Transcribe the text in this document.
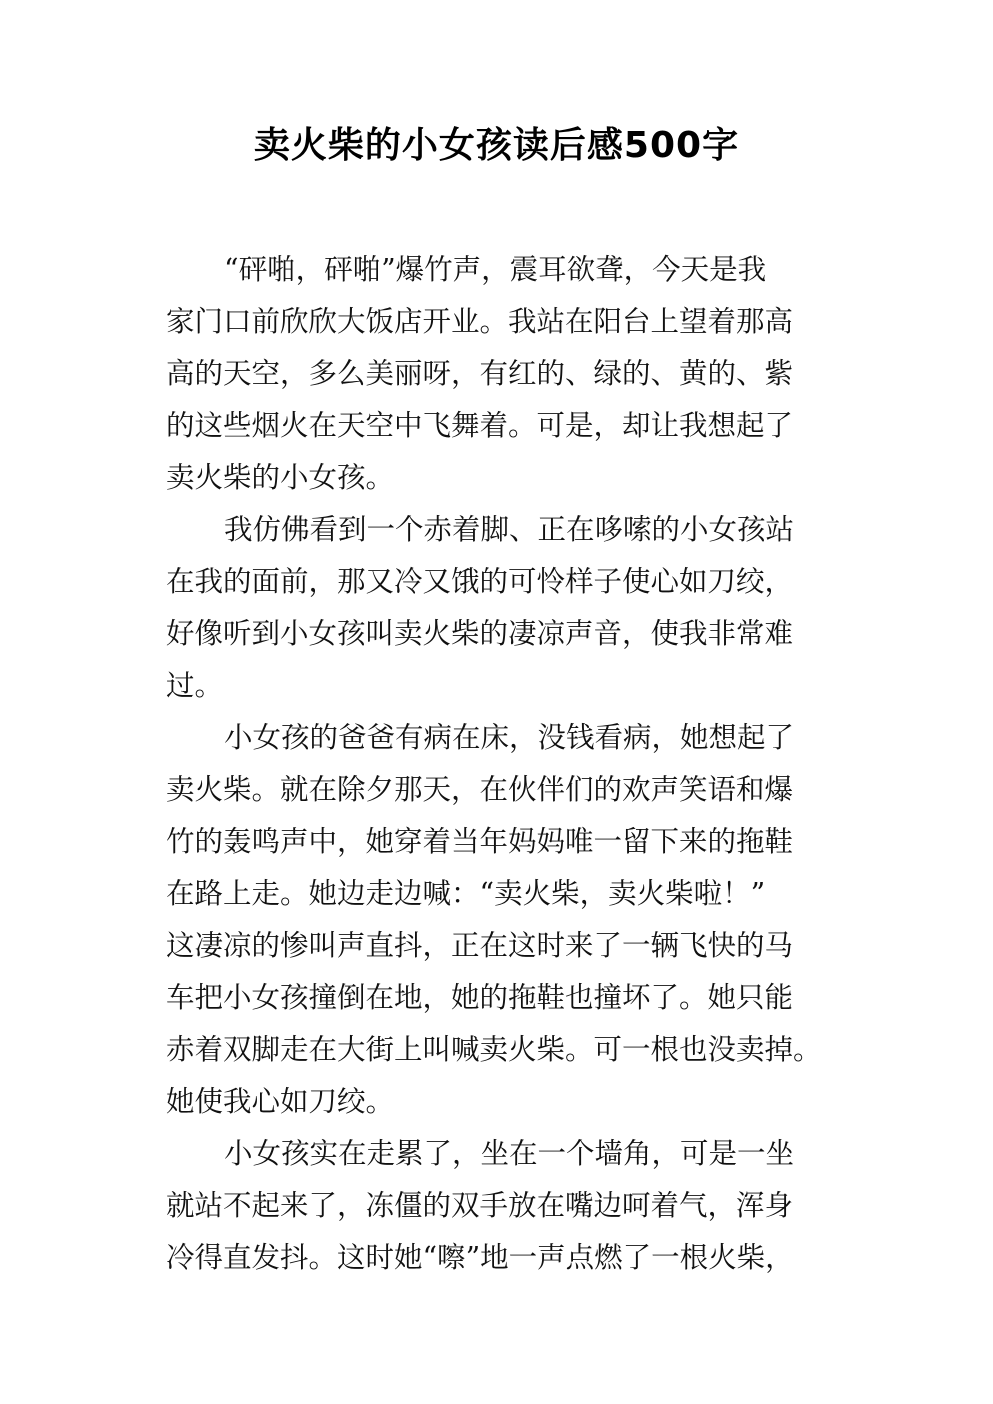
卖火柴的小女孩读后感500字
“砰啪，砰啪”爆竹声，震耳欲聋，今天是我
家门口前欣欣大饭店开业。我站在阳台上望着那高
高的天空，多么美丽呀，有红的、绿的、黄的、紫
的这些烟火在天空中飞舞着。可是，却让我想起了
卖火柴的小女孩。
我仿佛看到一个赤着脚、正在哆嗦的小女孩站
在我的面前，那又冷又饿的可怜样子使心如刀绞，
好像听到小女孩叫卖火柴的凄凉声音，使我非常难
过。
小女孩的爸爸有病在床，没钱看病，她想起了
卖火柴。就在除夕那天，在伙伴们的欢声笑语和爆
竹的轰鸣声中，她穿着当年妈妈唯一留下来的拖鞋
在路上走。她边走边喊：“卖火柴，卖火柴啦！”
这凄凉的惨叫声直抖，正在这时来了一辆飞快的马
车把小女孩撞倒在地，她的拖鞋也撞坏了。她只能
赤着双脚走在大街上叫喊卖火柴。可一根也没卖掉。
她使我心如刀绞。
小女孩实在走累了，坐在一个墙角，可是一坐
就站不起来了，冻僵的双手放在嘴边呵着气，浑身
冷得直发抖。这时她“嚓”地一声点燃了一根火柴，
